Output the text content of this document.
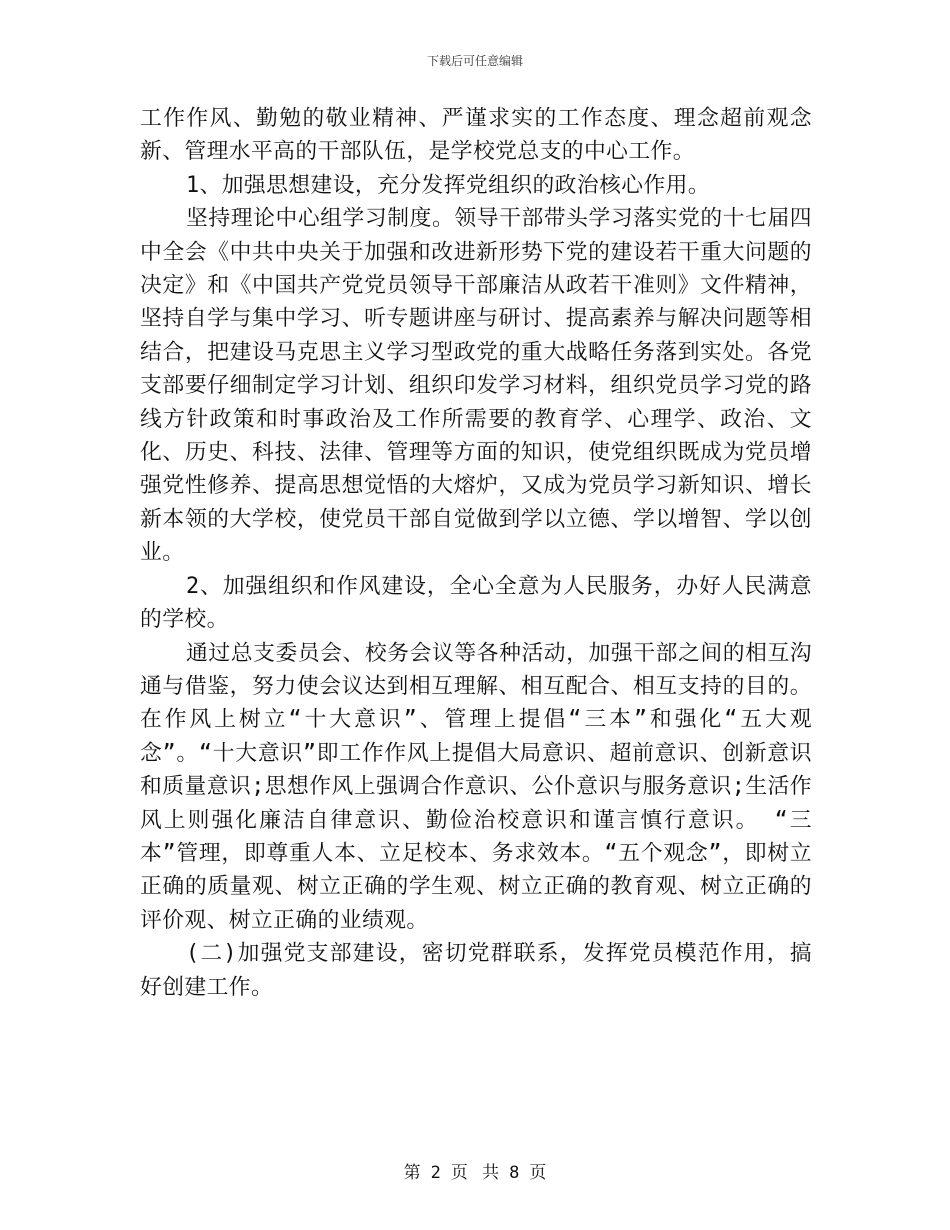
下载后可任意编辑

工作作风、勤勉的敬业精神、严谨求实的工作态度、理念超前观念新、管理水平高的干部队伍，是学校党总支的中心工作。

1、加强思想建设，充分发挥党组织的政治核心作用。

坚持理论中心组学习制度。领导干部带头学习落实党的十七届四中全会《中共中央关于加强和改进新形势下党的建设若干重大问题的决定》和《中国共产党党员领导干部廉洁从政若干准则》文件精神，坚持自学与集中学习、听专题讲座与研讨、提高素养与解决问题等相结合，把建设马克思主义学习型政党的重大战略任务落到实处。各党支部要仔细制定学习计划、组织印发学习材料，组织党员学习党的路线方针政策和时事政治及工作所需要的教育学、心理学、政治、文化、历史、科技、法律、管理等方面的知识，使党组织既成为党员增强党性修养、提高思想觉悟的大熔炉，又成为党员学习新知识、增长新本领的大学校，使党员干部自觉做到学以立德、学以增智、学以创业。

2、加强组织和作风建设，全心全意为人民服务，办好人民满意的学校。

通过总支委员会、校务会议等各种活动，加强干部之间的相互沟通与借鉴，努力使会议达到相互理解、相互配合、相互支持的目的。在作风上树立“十大意识”、管理上提倡“三本”和强化“五大观念”。“十大意识”即工作作风上提倡大局意识、超前意识、创新意识和质量意识;思想作风上强调合作意识、公仆意识与服务意识;生活作风上则强化廉洁自律意识、勤俭治校意识和谨言慎行意识。 “三本”管理，即尊重人本、立足校本、务求效本。“五个观念”，即树立正确的质量观、树立正确的学生观、树立正确的教育观、树立正确的评价观、树立正确的业绩观。

(二)加强党支部建设，密切党群联系，发挥党员模范作用，搞好创建工作。

第 2 页 共 8 页
